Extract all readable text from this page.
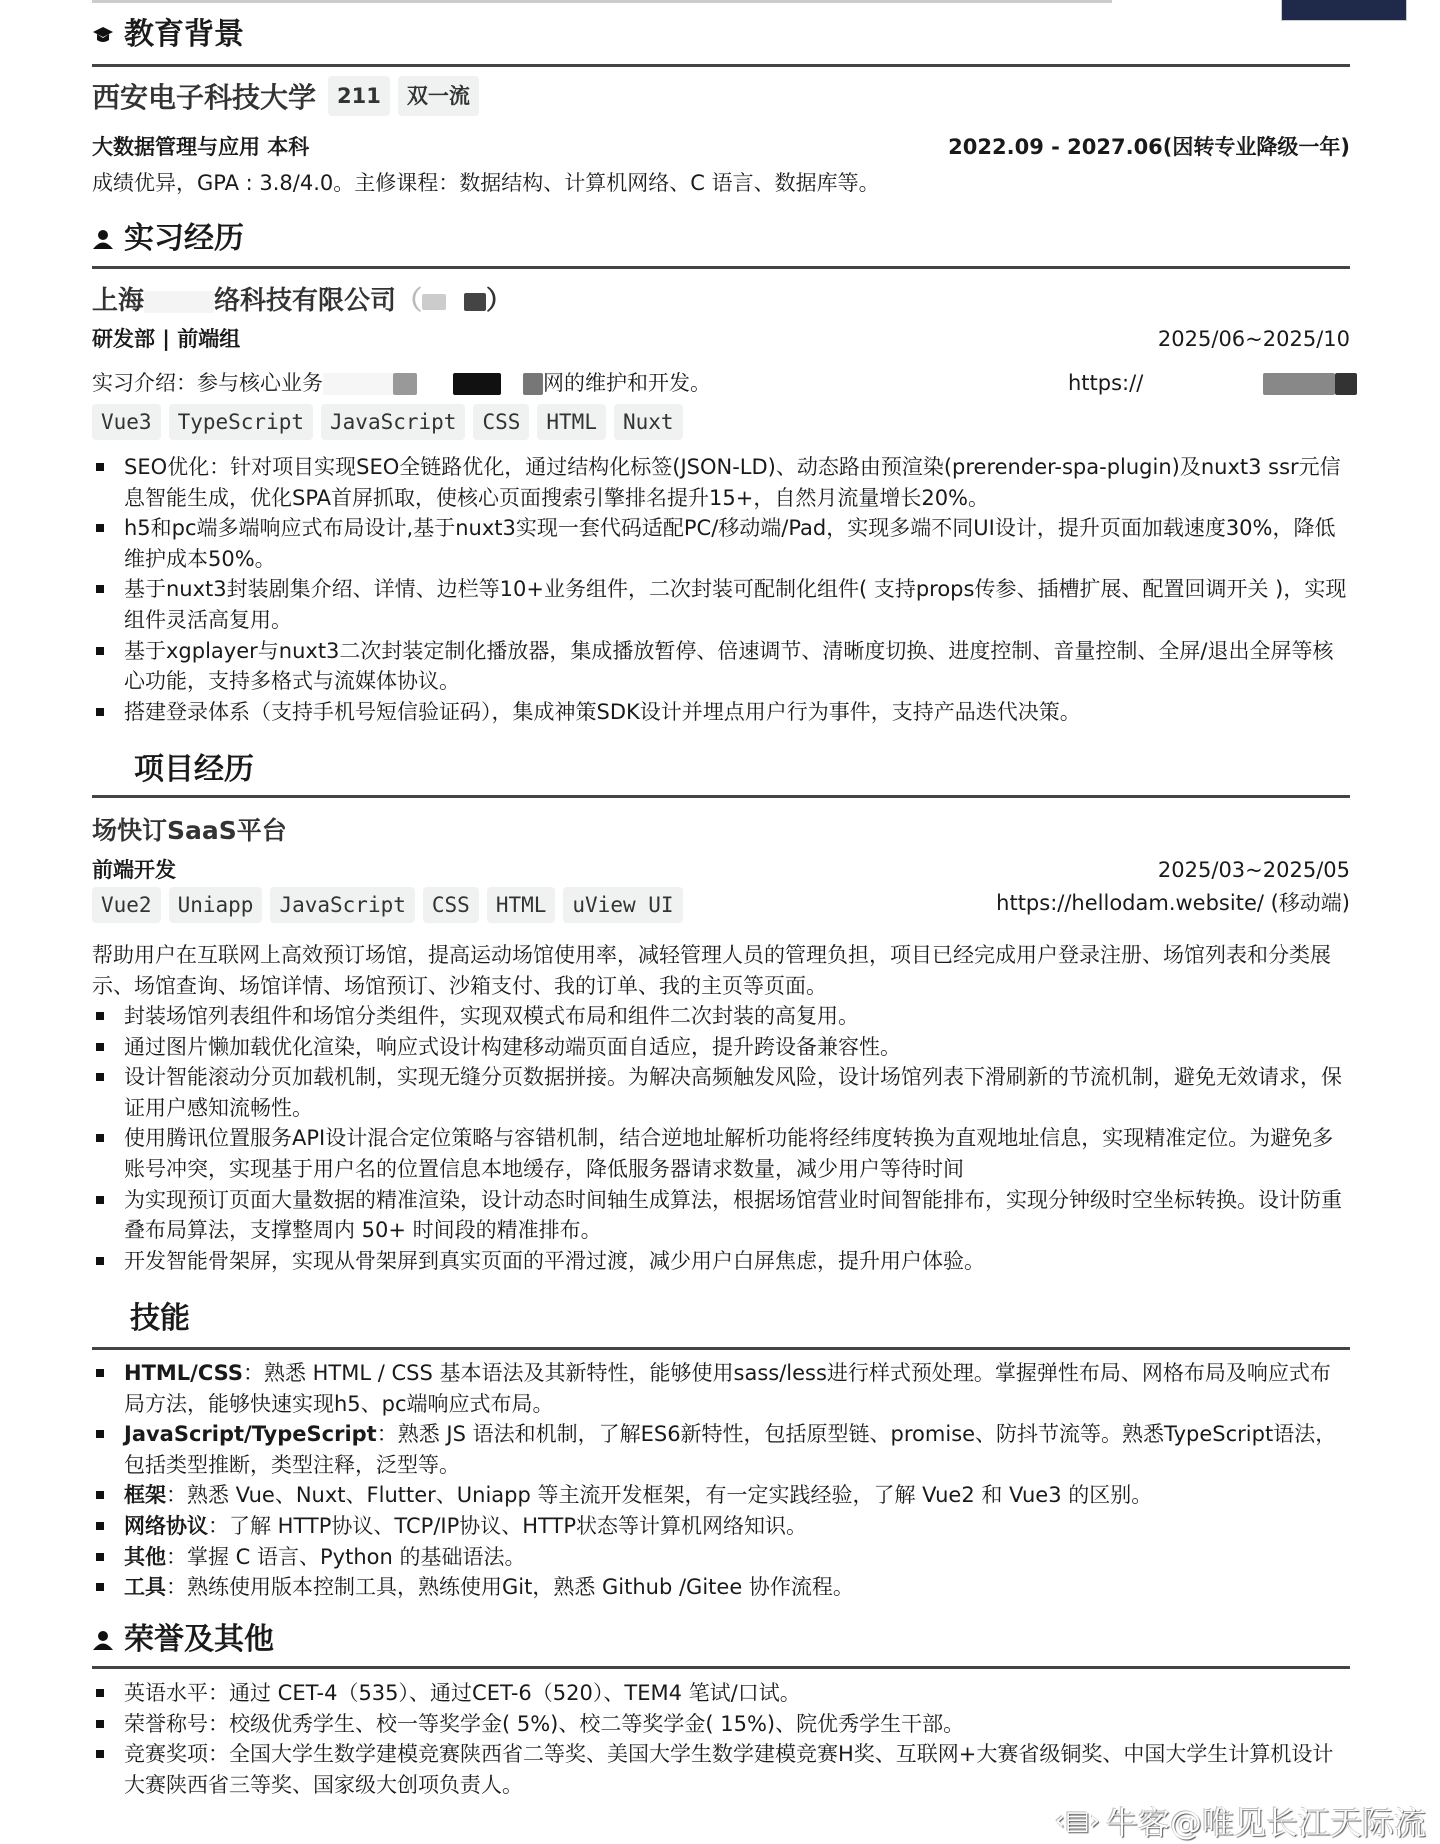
教育背景
西安电子科技大学	211	双一流
大数据管理与应用 本科	2022.09 - 2027.06(因转专业降级一年)
成绩优异，GPA : 3.8/4.0。主修课程：数据结构、计算机网络、C 语言、数据库等。
实习经历
上海	络科技有限公司（ ）
研发部 | 前端组	2025/06~2025/10
实习介绍：参与核心业务	网的维护和开发。	https://
Vue3 TypeScript JavaScript CSS HTML Nuxt
SEO优化：针对项目实现SEO全链路优化，通过结构化标签(JSON-LD)、动态路由预渲染(prerender-spa-plugin)及nuxt3 ssr元信息智能生成，优化SPA首屏抓取，使核心页面搜索引擎排名提升15+，自然月流量增长20%。
h5和pc端多端响应式布局设计,基于nuxt3实现一套代码适配PC/移动端/Pad，实现多端不同UI设计，提升页面加载速度30%，降低维护成本50%。
基于nuxt3封装剧集介绍、详情、边栏等10+业务组件，二次封装可配制化组件( 支持props传参、插槽扩展、配置回调开关 )，实现组件灵活高复用。
基于xgplayer与nuxt3二次封装定制化播放器，集成播放暂停、倍速调节、清晰度切换、进度控制、音量控制、全屏/退出全屏等核心功能，支持多格式与流媒体协议。
搭建登录体系（支持手机号短信验证码），集成神策SDK设计并埋点用户行为事件，支持产品迭代决策。
项目经历
场快订SaaS平台
前端开发	2025/03~2025/05
Vue2 Uniapp JavaScript CSS HTML uView UI	https://hellodam.website/ (移动端)
帮助用户在互联网上高效预订场馆，提高运动场馆使用率，减轻管理人员的管理负担，项目已经完成用户登录注册、场馆列表和分类展示、场馆查询、场馆详情、场馆预订、沙箱支付、我的订单、我的主页等页面。
封装场馆列表组件和场馆分类组件，实现双模式布局和组件二次封装的高复用。
通过图片懒加载优化渲染，响应式设计构建移动端页面自适应，提升跨设备兼容性。
设计智能滚动分页加载机制，实现无缝分页数据拼接。为解决高频触发风险，设计场馆列表下滑刷新的节流机制，避免无效请求，保证用户感知流畅性。
使用腾讯位置服务API设计混合定位策略与容错机制，结合逆地址解析功能将经纬度转换为直观地址信息，实现精准定位。为避免多账号冲突，实现基于用户名的位置信息本地缓存，降低服务器请求数量，减少用户等待时间
为实现预订页面大量数据的精准渲染，设计动态时间轴生成算法，根据场馆营业时间智能排布，实现分钟级时空坐标转换。设计防重叠布局算法，支撑整周内 50+ 时间段的精准排布。
开发智能骨架屏，实现从骨架屏到真实页面的平滑过渡，减少用户白屏焦虑，提升用户体验。
技能
HTML/CSS：熟悉 HTML / CSS 基本语法及其新特性，能够使用sass/less进行样式预处理。掌握弹性布局、网格布局及响应式布局方法，能够快速实现h5、pc端响应式布局。
JavaScript/TypeScript：熟悉 JS 语法和机制，了解ES6新特性，包括原型链、promise、防抖节流等。熟悉TypeScript语法，包括类型推断，类型注释，泛型等。
框架：熟悉 Vue、Nuxt、Flutter、Uniapp 等主流开发框架，有一定实践经验，了解 Vue2 和 Vue3 的区别。
网络协议：了解 HTTP协议、TCP/IP协议、HTTP状态等计算机网络知识。
其他：掌握 C 语言、Python 的基础语法。
工具：熟练使用版本控制工具，熟练使用Git，熟悉 Github /Gitee 协作流程。
荣誉及其他
英语水平：通过 CET-4（535）、通过CET-6（520）、TEM4 笔试/口试。
荣誉称号：校级优秀学生、校一等奖学金( 5%)、校二等奖学金( 15%)、院优秀学生干部。
竞赛奖项：全国大学生数学建模竞赛陕西省二等奖、美国大学生数学建模竞赛H奖、互联网+大赛省级铜奖、中国大学生计算机设计大赛陕西省三等奖、国家级大创项负责人。
‹▤› 牛客@唯见长江天际流
